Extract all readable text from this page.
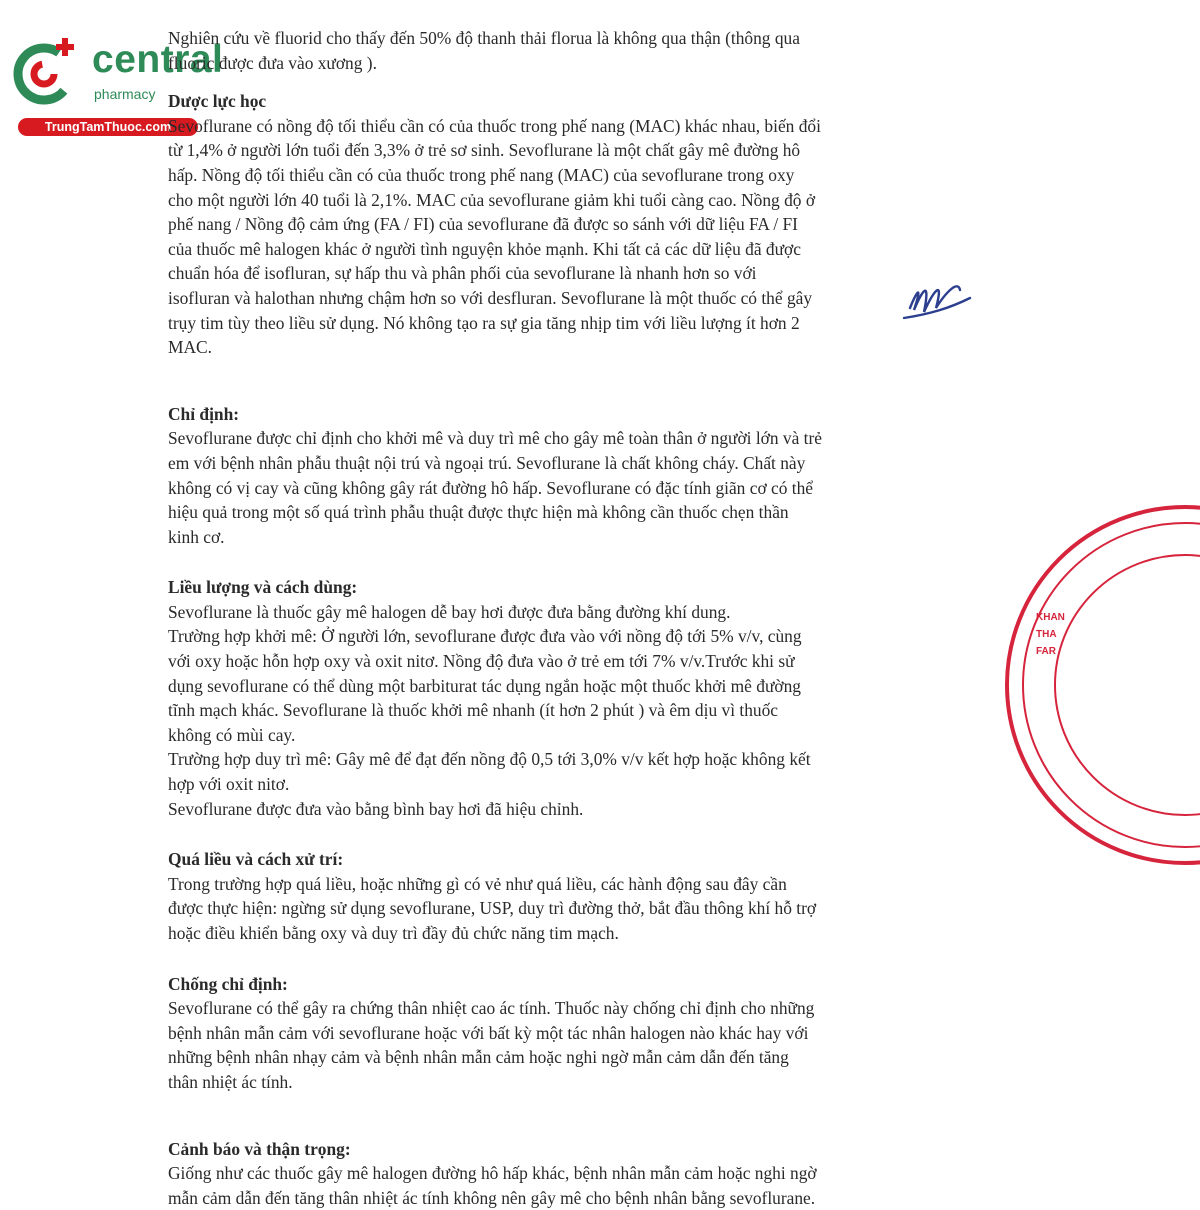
central
pharmacy
TrungTamThuoc.com

Nghiên cứu về fluorid cho thấy đến 50% độ thanh thải florua là không qua thận (thông qua

fluoric được đưa vào xương ).

Dược lực học

Sevoflurane có nồng độ tối thiểu cần có của thuốc trong phế nang (MAC) khác nhau, biến đổi

từ 1,4% ở người lớn tuổi đến 3,3% ở trẻ sơ sinh. Sevoflurane là một chất gây mê đường hô

hấp. Nồng độ tối thiểu cần có của thuốc trong phế nang (MAC) của sevoflurane trong oxy

cho một người lớn 40 tuổi là 2,1%. MAC của sevoflurane giảm khi tuổi càng cao. Nồng độ ở

phế nang / Nồng độ cảm ứng (FA / FI) của sevoflurane đã được so sánh với dữ liệu FA / FI

của thuốc mê halogen khác ở người tình nguyện khỏe mạnh. Khi tất cả các dữ liệu đã được

chuẩn hóa để isofluran, sự hấp thu và phân phối của sevoflurane là nhanh hơn so với

isofluran và halothan nhưng chậm hơn so với desfluran. Sevoflurane là một thuốc có thể gây

trụy tim tùy theo liều sử dụng. Nó không tạo ra sự gia tăng nhịp tim với liều lượng ít hơn 2

MAC.

Chỉ định:

Sevoflurane được chỉ định cho khởi mê và duy trì mê cho gây mê toàn thân ở người lớn và trẻ

em với bệnh nhân phẫu thuật nội trú và ngoại trú. Sevoflurane là chất không cháy. Chất này

không có vị cay và cũng không gây rát đường hô hấp. Sevoflurane có đặc tính giãn cơ có thể

hiệu quả trong một số quá trình phẫu thuật được thực hiện mà không cần thuốc chẹn thần

kinh cơ.

Liều lượng và cách dùng:

Sevoflurane là thuốc gây mê halogen dễ bay hơi được đưa bằng đường khí dung.

Trường hợp khởi mê: Ở người lớn, sevoflurane được đưa vào với nồng độ tới 5% v/v, cùng

với oxy hoặc hỗn hợp oxy và oxit nitơ. Nồng độ đưa vào ở trẻ em tới 7% v/v.Trước khi sử

dụng sevoflurane có thể dùng một barbiturat tác dụng ngắn hoặc một thuốc khởi mê đường

tĩnh mạch khác. Sevoflurane là thuốc khởi mê nhanh (ít hơn 2 phút ) và êm dịu vì thuốc

không có mùi cay.

Trường hợp duy trì mê: Gây mê để đạt đến nồng độ 0,5 tới 3,0% v/v kết hợp hoặc không kết

hợp với oxit nitơ.

Sevoflurane được đưa vào bằng bình bay hơi đã hiệu chỉnh.

Quá liều và cách xử trí:

Trong trường hợp quá liều, hoặc những gì có vẻ như quá liều, các hành động sau đây cần

được thực hiện: ngừng sử dụng sevoflurane, USP, duy trì đường thở, bắt đầu thông khí hỗ trợ

hoặc điều khiển bằng oxy và duy trì đầy đủ chức năng tim mạch.

Chống chỉ định:

Sevoflurane có thể gây ra chứng thân nhiệt cao ác tính. Thuốc này chống chỉ định cho những

bệnh nhân mẫn cảm với sevoflurane hoặc với bất kỳ một tác nhân halogen nào khác hay với

những bệnh nhân nhạy cảm và bệnh nhân mẫn cảm hoặc nghi ngờ mẫn cảm dẫn đến tăng

thân nhiệt ác tính.

Cảnh báo và thận trọng:

Giống như các thuốc gây mê halogen đường hô hấp khác, bệnh nhân mẫn cảm hoặc nghi ngờ

mẫn cảm dẫn đến tăng thân nhiệt ác tính không nên gây mê cho bệnh nhân bằng sevoflurane.

KHAN
THA
FAR
